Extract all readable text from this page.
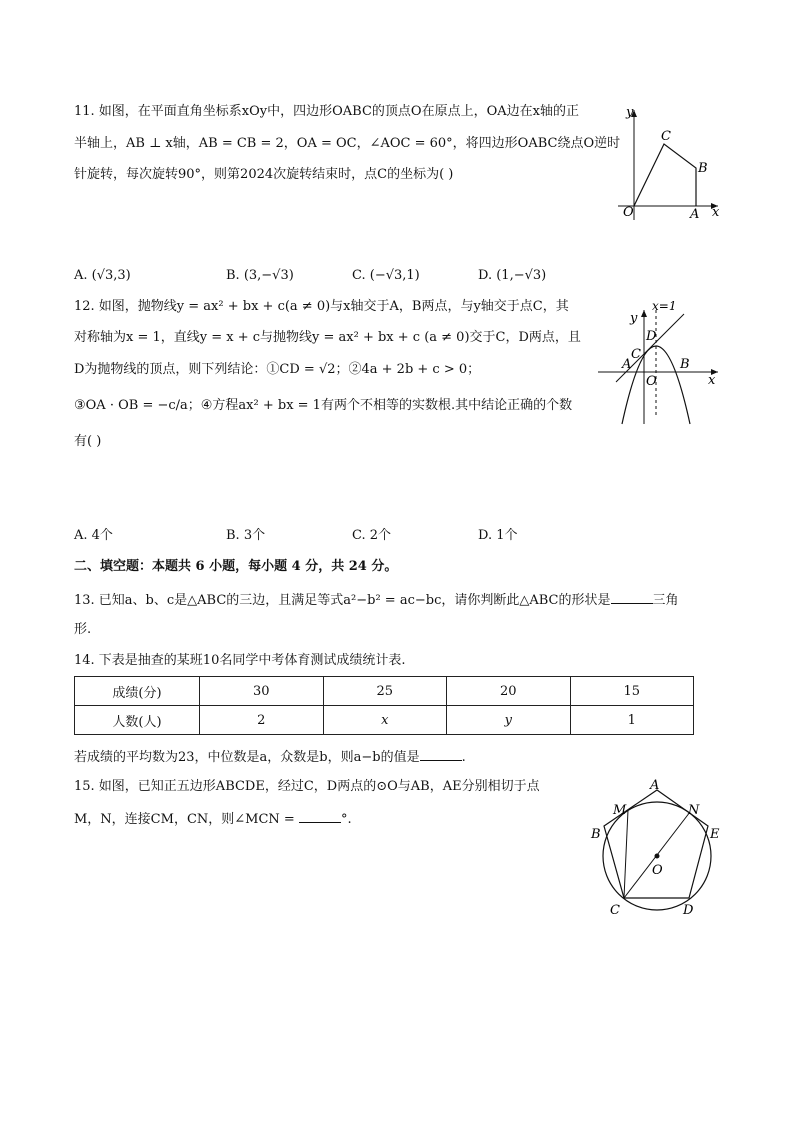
11. 如图，在平面直角坐标系xOy中，四边形OABC的顶点O在原点上，OA边在x轴的正
半轴上，AB ⊥ x轴，AB = CB = 2，OA = OC，∠AOC = 60°，将四边形OABC绕点O逆时
针旋转，每次旋转90°，则第2024次旋转结束时，点C的坐标为( )
y
x
O	A
B
C
A. (√3,3)	B. (3,−√3)	C. (−√3,1)	D. (1,−√3)
12. 如图，抛物线y = ax² + bx + c(a ≠ 0)与x轴交于A，B两点，与y轴交于点C，其
对称轴为x = 1，直线y = x + c与抛物线y = ax² + bx + c (a ≠ 0)交于C，D两点，且
D为抛物线的顶点，则下列结论：①CD = √2；②4a + 2b + c > 0；
③OA · OB = −c/a；④方程ax² + bx = 1有两个不相等的实数根.其中结论正确的个数
有( )
x=1
y
x
O
A	B
C
D
A. 4个	B. 3个	C. 2个	D. 1个
二、填空题：本题共 6 小题，每小题 4 分，共 24 分。
13. 已知a、b、c是△ABC的三边，且满足等式a²−b² = ac−bc，请你判断此△ABC的形状是	三角
形.
14. 下表是抽查的某班10名同学中考体育测试成绩统计表.
成绩(分)	30	25	20	15
人数(人)	2	x	y	1
若成绩的平均数为23，中位数是a，众数是b，则a−b的值是	.
15. 如图，已知正五边形ABCDE，经过C，D两点的⊙O与AB，AE分别相切于点
M，N，连接CM，CN，则∠MCN =	°.
A
B
C	D
E
M	N
O
